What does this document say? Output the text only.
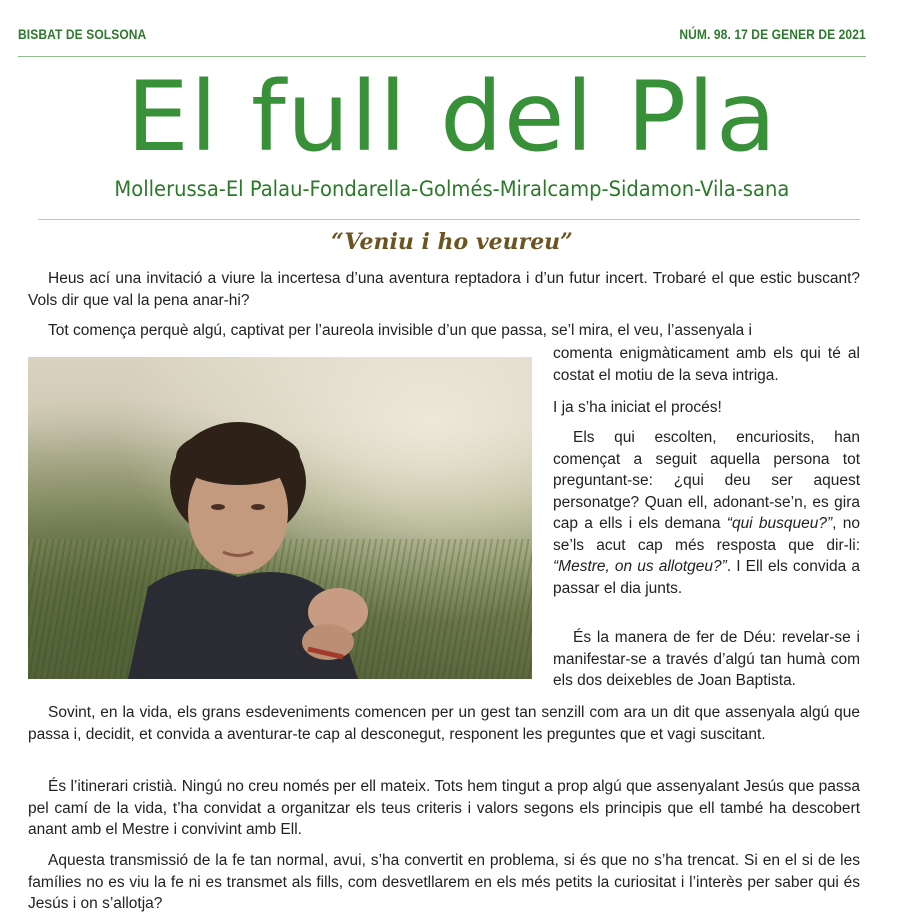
BISBAT DE SOLSONA	NÚM. 98. 17 DE GENER DE 2021
El full del Pla
Mollerussa-El Palau-Fondarella-Golmés-Miralcamp-Sidamon-Vila-sana
“Veniu i ho veureu”

Heus ací una invitació a viure la incertesa d’una aventura reptadora i d’un futur incert. Trobaré el que estic buscant? Vols dir que val la pena anar-hi?

Tot comença perquè algú, captivat per l’aureola invisible d’un que passa, se’l mira, el veu, l’assenyala i

comenta enigmàticament amb els qui té al costat el motiu de la seva intriga.

I ja s’ha iniciat el procés!

Els qui escolten, encuriosits, han començat a seguit aquella persona tot preguntant-se: ¿qui deu ser aquest personatge? Quan ell, adonant-se’n, es gira cap a ells i els demana “qui busqueu?”, no se’ls acut cap més resposta que dir-li: “Mestre, on us allotgeu?”. I Ell els convida a passar el dia junts.

És la manera de fer de Déu: revelar-se i manifestar-se a través d’algú tan humà com els dos deixebles de Joan Baptista.

Sovint, en la vida, els grans esdeveniments comencen per un gest tan senzill com ara un dit que assenyala algú que passa i, decidit, et convida a aventurar-te cap al desconegut, responent les preguntes que et vagi suscitant.

És l’itinerari cristià. Ningú no creu només per ell mateix. Tots hem tingut a prop algú que assenyalant Jesús que passa pel camí de la vida, t’ha convidat a organitzar els teus criteris i valors segons els principis que ell també ha descobert anant amb el Mestre i convivint amb Ell.

Aquesta transmissió de la fe tan normal, avui, s’ha convertit en problema, si és que no s’ha trencat. Si en el si de les famílies no es viu la fe ni es transmet als fills, com desvetllarem en els més petits la curiositat i l’interès per saber qui és Jesús i on s’allotja?
